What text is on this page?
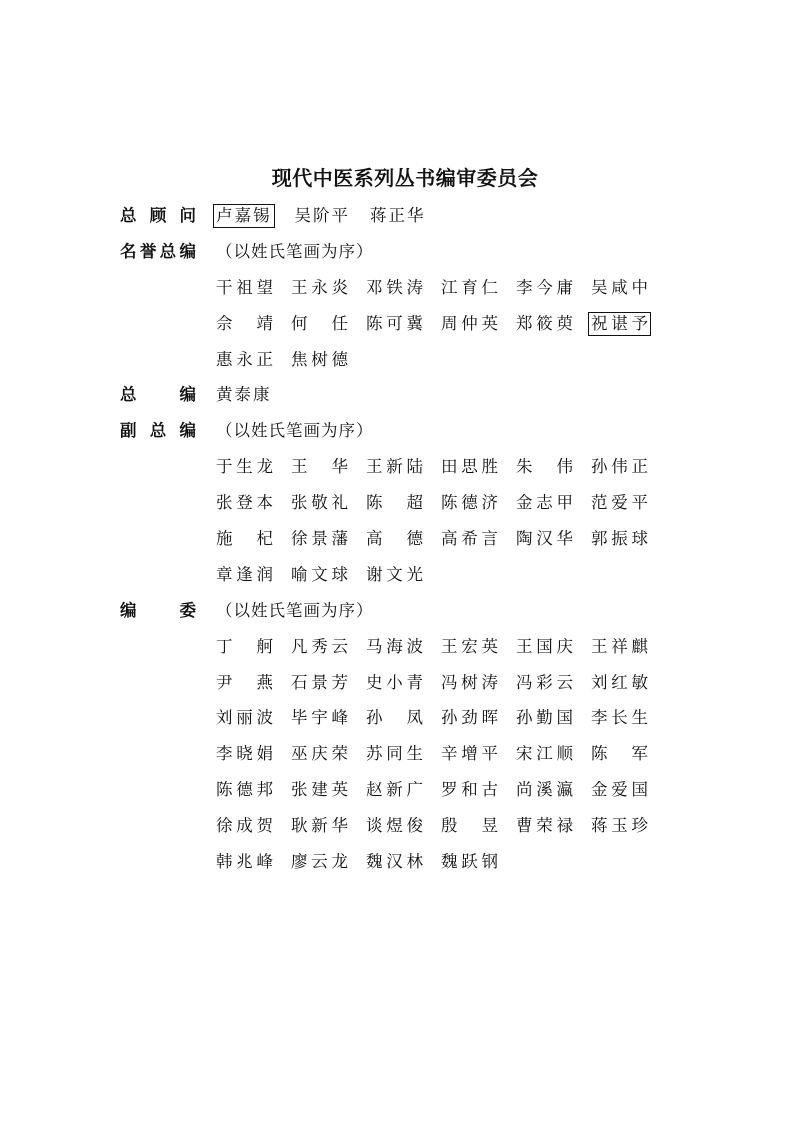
现代中医系列丛书编审委员会
总顾问 卢嘉锡 吴阶平 蒋正华
名誉总编 （以姓氏笔画为序）
干祖望 王永炎 邓铁涛 江育仁 李今庸 吴咸中
佘 靖 何 任 陈可冀 周仲英 郑筱萸 祝谌予
惠永正 焦树德
总编 黄泰康
副总编 （以姓氏笔画为序）
于生龙 王 华 王新陆 田思胜 朱 伟 孙伟正
张登本 张敬礼 陈 超 陈德济 金志甲 范爱平
施 杞 徐景藩 高 德 高希言 陶汉华 郭振球
章逢润 喻文球 谢文光
编委 （以姓氏笔画为序）
丁 舸 凡秀云 马海波 王宏英 王国庆 王祥麒
尹 燕 石景芳 史小青 冯树涛 冯彩云 刘红敏
刘丽波 毕宇峰 孙 凤 孙劲晖 孙勤国 李长生
李晓娟 巫庆荣 苏同生 辛增平 宋江顺 陈 军
陈德邦 张建英 赵新广 罗和古 尚溪瀛 金爱国
徐成贺 耿新华 谈煜俊 殷 昱 曹荣禄 蒋玉珍
韩兆峰 廖云龙 魏汉林 魏跃钢
